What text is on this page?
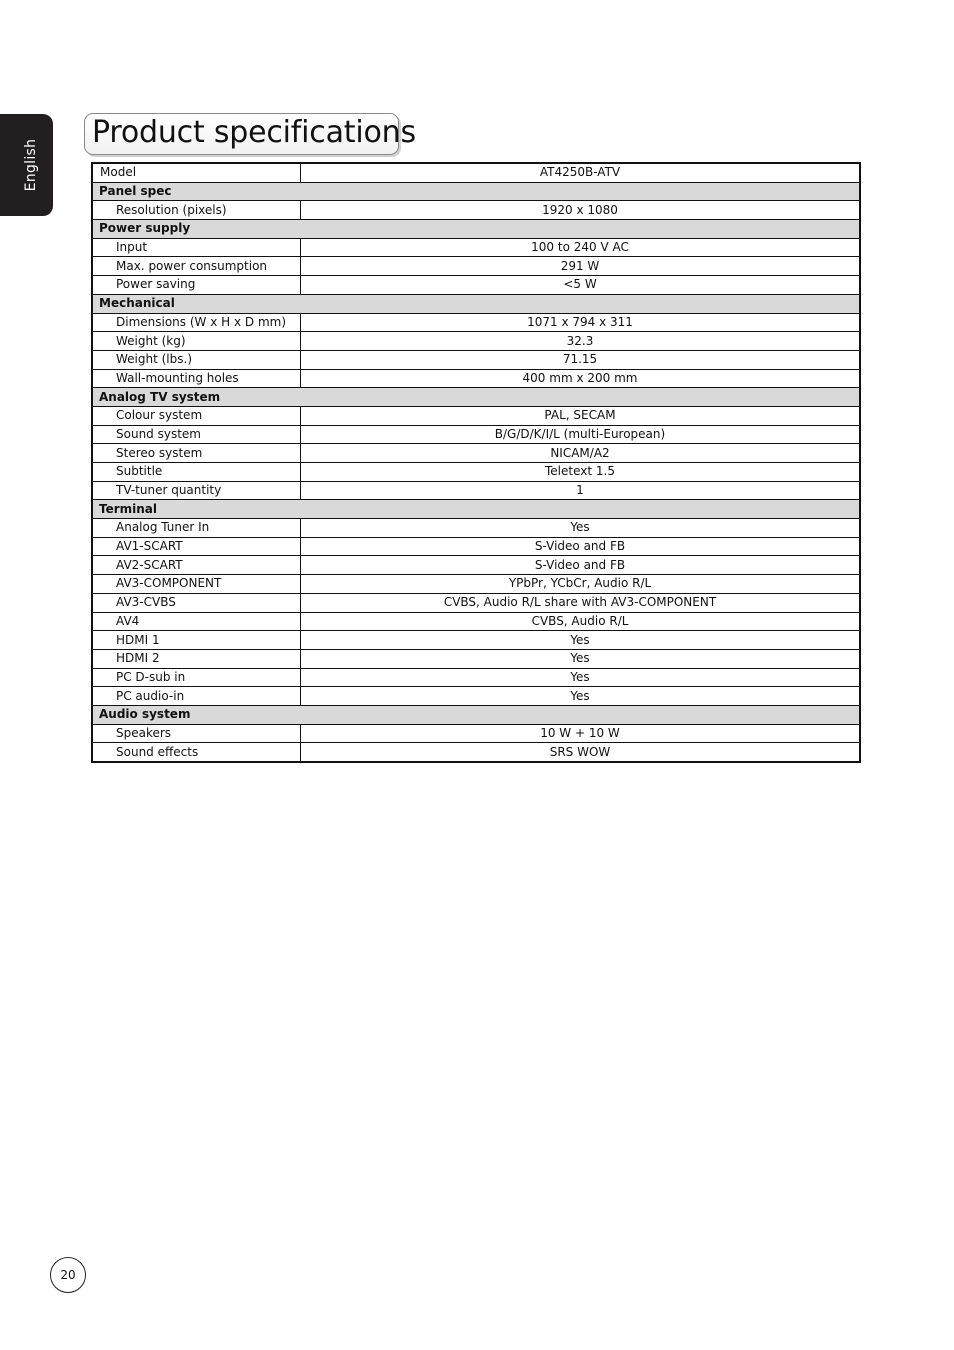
English
Product specifications
Model	AT4250B-ATV
Panel spec	
Resolution (pixels)	1920 x 1080
Power supply	
Input	100 to 240 V AC
Max. power consumption	291 W
Power saving	<5 W
Mechanical	
Dimensions (W x H x D mm)	1071 x 794 x 311
Weight (kg)	32.3
Weight (lbs.)	71.15
Wall-mounting holes	400 mm x 200 mm
Analog TV system	
Colour system	PAL, SECAM
Sound system	B/G/D/K/I/L (multi-European)
Stereo system	NICAM/A2
Subtitle	Teletext 1.5
TV-tuner quantity	1
Terminal	
Analog Tuner In	Yes
AV1-SCART	S-Video and FB
AV2-SCART	S-Video and FB
AV3-COMPONENT	YPbPr, YCbCr, Audio R/L
AV3-CVBS	CVBS, Audio R/L share with AV3-COMPONENT
AV4	CVBS, Audio R/L
HDMI 1	Yes
HDMI 2	Yes
PC D-sub in	Yes
PC audio-in	Yes
Audio system	
Speakers	10 W + 10 W
Sound effects	SRS WOW
20
